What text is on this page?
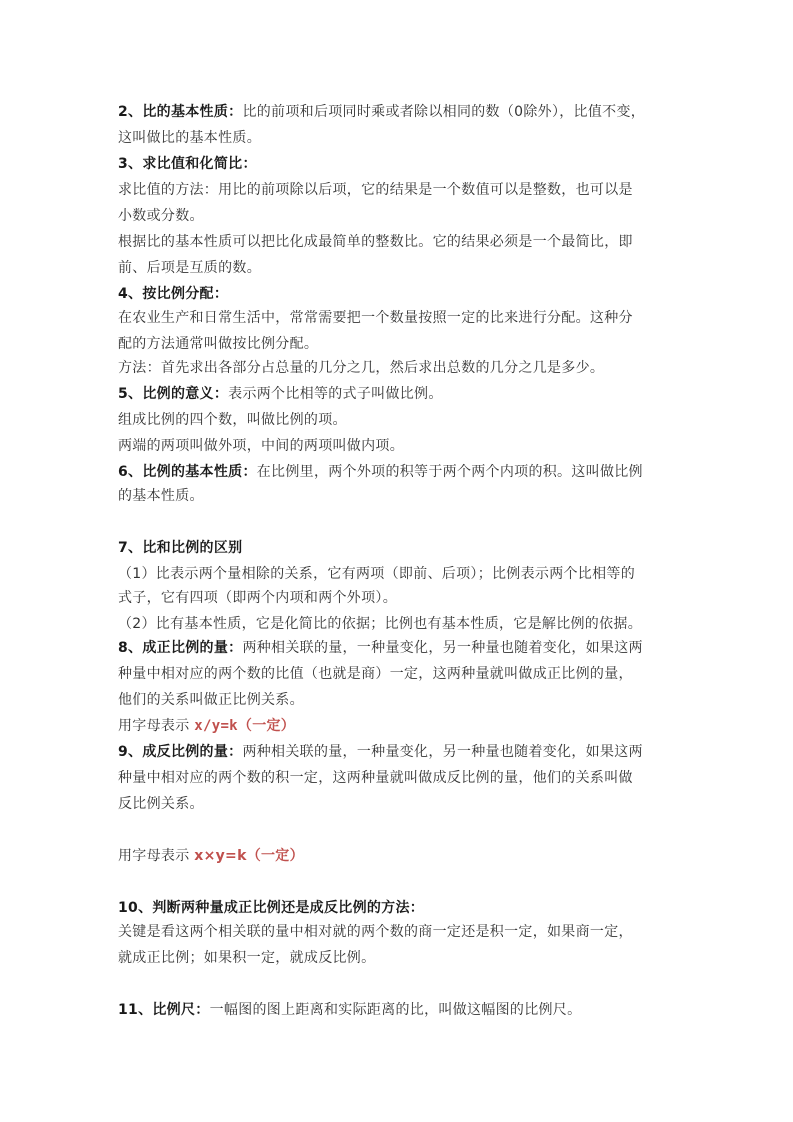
2、比的基本性质：比的前项和后项同时乘或者除以相同的数（0除外），比值不变，
这叫做比的基本性质。
3、求比值和化简比：
求比值的方法：用比的前项除以后项，它的结果是一个数值可以是整数，也可以是
小数或分数。
根据比的基本性质可以把比化成最简单的整数比。它的结果必须是一个最简比，即
前、后项是互质的数。
4、按比例分配：
在农业生产和日常生活中，常常需要把一个数量按照一定的比来进行分配。这种分
配的方法通常叫做按比例分配。
方法：首先求出各部分占总量的几分之几，然后求出总数的几分之几是多少。
5、比例的意义：表示两个比相等的式子叫做比例。
组成比例的四个数，叫做比例的项。
两端的两项叫做外项，中间的两项叫做内项。
6、比例的基本性质：在比例里，两个外项的积等于两个两个内项的积。这叫做比例
的基本性质。
7、比和比例的区别
（1）比表示两个量相除的关系，它有两项（即前、后项）；比例表示两个比相等的
式子，它有四项（即两个内项和两个外项）。
（2）比有基本性质，它是化简比的依据；比例也有基本性质，它是解比例的依据。
8、成正比例的量：两种相关联的量，一种量变化，另一种量也随着变化，如果这两
种量中相对应的两个数的比值（也就是商）一定，这两种量就叫做成正比例的量，
他们的关系叫做正比例关系。
用字母表示 x/y=k（一定）
9、成反比例的量：两种相关联的量，一种量变化，另一种量也随着变化，如果这两
种量中相对应的两个数的积一定，这两种量就叫做成反比例的量，他们的关系叫做
反比例关系。
用字母表示 x×y=k（一定）
10、判断两种量成正比例还是成反比例的方法：
关键是看这两个相关联的量中相对就的两个数的商一定还是积一定，如果商一定，
就成正比例；如果积一定，就成反比例。
11、比例尺：一幅图的图上距离和实际距离的比，叫做这幅图的比例尺。
